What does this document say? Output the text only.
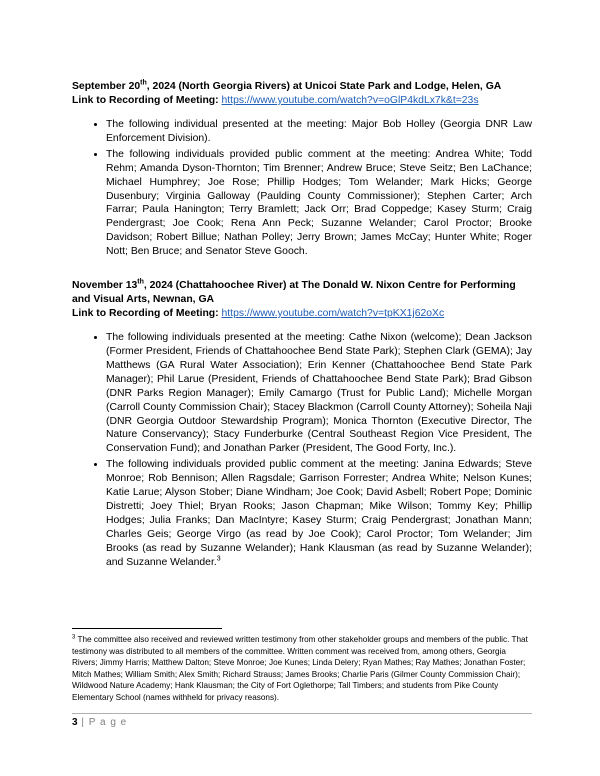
September 20th, 2024 (North Georgia Rivers) at Unicoi State Park and Lodge, Helen, GA
Link to Recording of Meeting: https://www.youtube.com/watch?v=oGlP4kdLx7k&t=23s
• The following individual presented at the meeting: Major Bob Holley (Georgia DNR Law Enforcement Division).
• The following individuals provided public comment at the meeting: Andrea White; Todd Rehm; Amanda Dyson-Thornton; Tim Brenner; Andrew Bruce; Steve Seitz; Ben LaChance; Michael Humphrey; Joe Rose; Phillip Hodges; Tom Welander; Mark Hicks; George Dusenbury; Virginia Galloway (Paulding County Commissioner); Stephen Carter; Arch Farrar; Paula Hanington; Terry Bramlett; Jack Orr; Brad Coppedge; Kasey Sturm; Craig Pendergrast; Joe Cook; Rena Ann Peck; Suzanne Welander; Carol Proctor; Brooke Davidson; Robert Billue; Nathan Polley; Jerry Brown; James McCay; Hunter White; Roger Nott; Ben Bruce; and Senator Steve Gooch.
November 13th, 2024 (Chattahoochee River) at The Donald W. Nixon Centre for Performing and Visual Arts, Newnan, GA
Link to Recording of Meeting: https://www.youtube.com/watch?v=tpKX1j62oXc
• The following individuals presented at the meeting: Cathe Nixon (welcome); Dean Jackson (Former President, Friends of Chattahoochee Bend State Park); Stephen Clark (GEMA); Jay Matthews (GA Rural Water Association); Erin Kenner (Chattahoochee Bend State Park Manager); Phil Larue (President, Friends of Chattahoochee Bend State Park); Brad Gibson (DNR Parks Region Manager); Emily Camargo (Trust for Public Land); Michelle Morgan (Carroll County Commission Chair); Stacey Blackmon (Carroll County Attorney); Soheila Naji (DNR Georgia Outdoor Stewardship Program); Monica Thornton (Executive Director, The Nature Conservancy); Stacy Funderburke (Central Southeast Region Vice President, The Conservation Fund); and Jonathan Parker (President, The Good Forty, Inc.).
• The following individuals provided public comment at the meeting: Janina Edwards; Steve Monroe; Rob Bennison; Allen Ragsdale; Garrison Forrester; Andrea White; Nelson Kunes; Katie Larue; Alyson Stober; Diane Windham; Joe Cook; David Asbell; Robert Pope; Dominic Distretti; Joey Thiel; Bryan Rooks; Jason Chapman; Mike Wilson; Tommy Key; Phillip Hodges; Julia Franks; Dan MacIntyre; Kasey Sturm; Craig Pendergrast; Jonathan Mann; Charles Geis; George Virgo (as read by Joe Cook); Carol Proctor; Tom Welander; Jim Brooks (as read by Suzanne Welander); Hank Klausman (as read by Suzanne Welander); and Suzanne Welander.$^3$
$^3$ The committee also received and reviewed written testimony from other stakeholder groups and members of the public. That testimony was distributed to all members of the committee. Written comment was received from, among others, Georgia Rivers; Jimmy Harris; Matthew Dalton; Steve Monroe; Joe Kunes; Linda Delery; Ryan Mathes; Ray Mathes; Jonathan Foster; Mitch Mathes; William Smith; Alex Smith; Richard Strauss; James Brooks; Charlie Paris (Gilmer County Commission Chair); Wildwood Nature Academy; Hank Klausman; the City of Fort Oglethorpe; Tall Timbers; and students from Pike County Elementary School (names withheld for privacy reasons).
3 | P a g e
